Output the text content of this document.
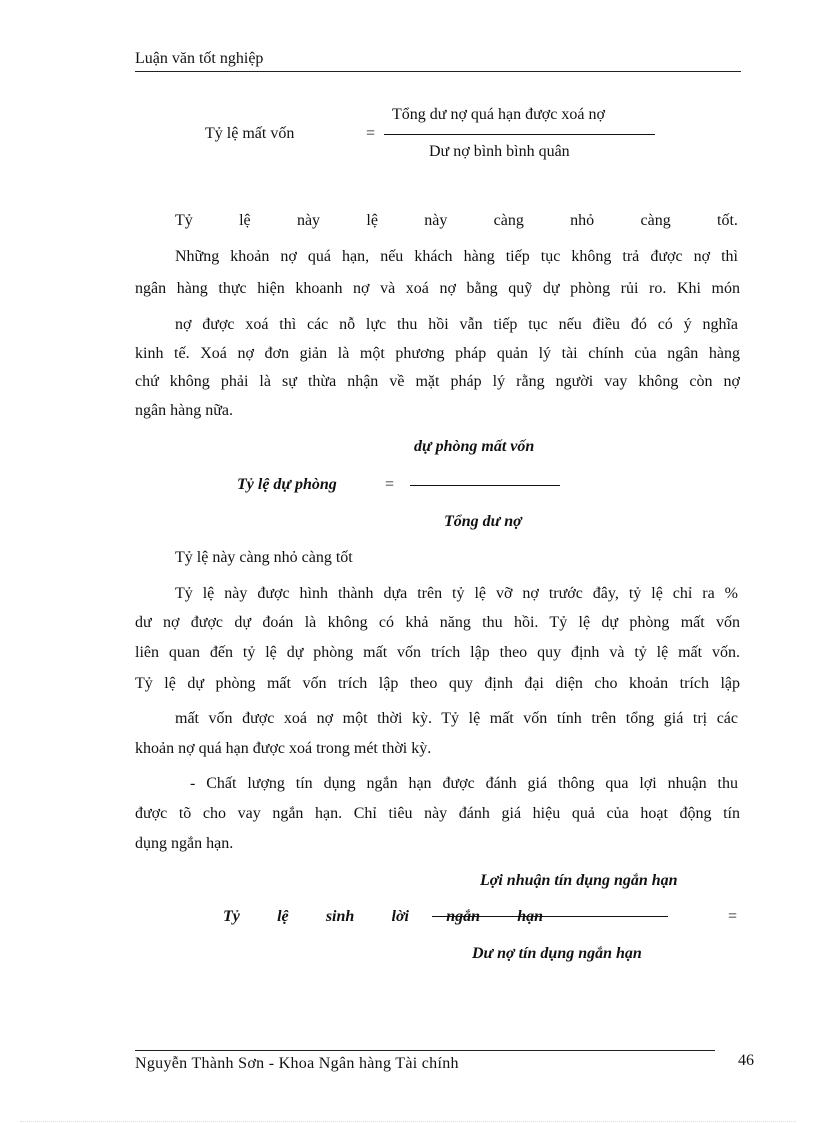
Luận văn tốt nghiệp
Tỷ lệ mất vốn	=
Tổng dư nợ quá hạn được xoá nợ
Dư nợ bình bình quân
Tỷ	lệ	này	lệ	này	càng	nhỏ	càng	tốt.
Những khoản nợ quá hạn, nếu khách hàng tiếp tục không trả được nợ thì
ngân hàng thực hiện khoanh nợ và xoá nợ bằng quỹ dự phòng rủi ro. Khi món
nợ được xoá thì các nỗ lực thu hồi vẫn tiếp tục nếu điều đó có ý nghĩa
kinh tế. Xoá nợ đơn giản là một phương pháp quản lý tài chính của ngân hàng
chứ không phải là sự thừa nhận về mặt pháp lý rằng người vay không còn nợ
ngân hàng nữa.
dự phòng mất vốn
Tỷ lệ dự phòng	=
Tổng dư nợ
Tỷ lệ này càng nhỏ càng tốt
Tỷ lệ này được hình thành dựa trên tỷ lệ vỡ nợ trước đây, tỷ lệ chỉ ra %
dư nợ được dự đoán là không có khả năng thu hồi. Tỷ lệ dự phòng mất vốn
liên quan đến tỷ lệ dự phòng mất vốn trích lập theo quy định và tỷ lệ mất vốn.
Tỷ lệ dự phòng mất vốn trích lập theo quy định đại diện cho khoản trích lập
mất vốn được xoá nợ một thời kỳ. Tỷ lệ mất vốn tính trên tổng giá trị các
khoản nợ quá hạn được xoá trong mét thời kỳ.
- Chất lượng tín dụng ngắn hạn được đánh giá thông qua lợi nhuận thu
được tõ cho vay ngắn hạn. Chỉ tiêu này đánh giá hiệu quả của hoạt động tín
dụng ngắn hạn.
Lợi nhuận tín dụng ngắn hạn
Tỷ lệ sinh lời ngắn hạn	=
Dư nợ tín dụng ngắn hạn
Nguyễn Thành Sơn - Khoa Ngân hàng Tài chính	46
